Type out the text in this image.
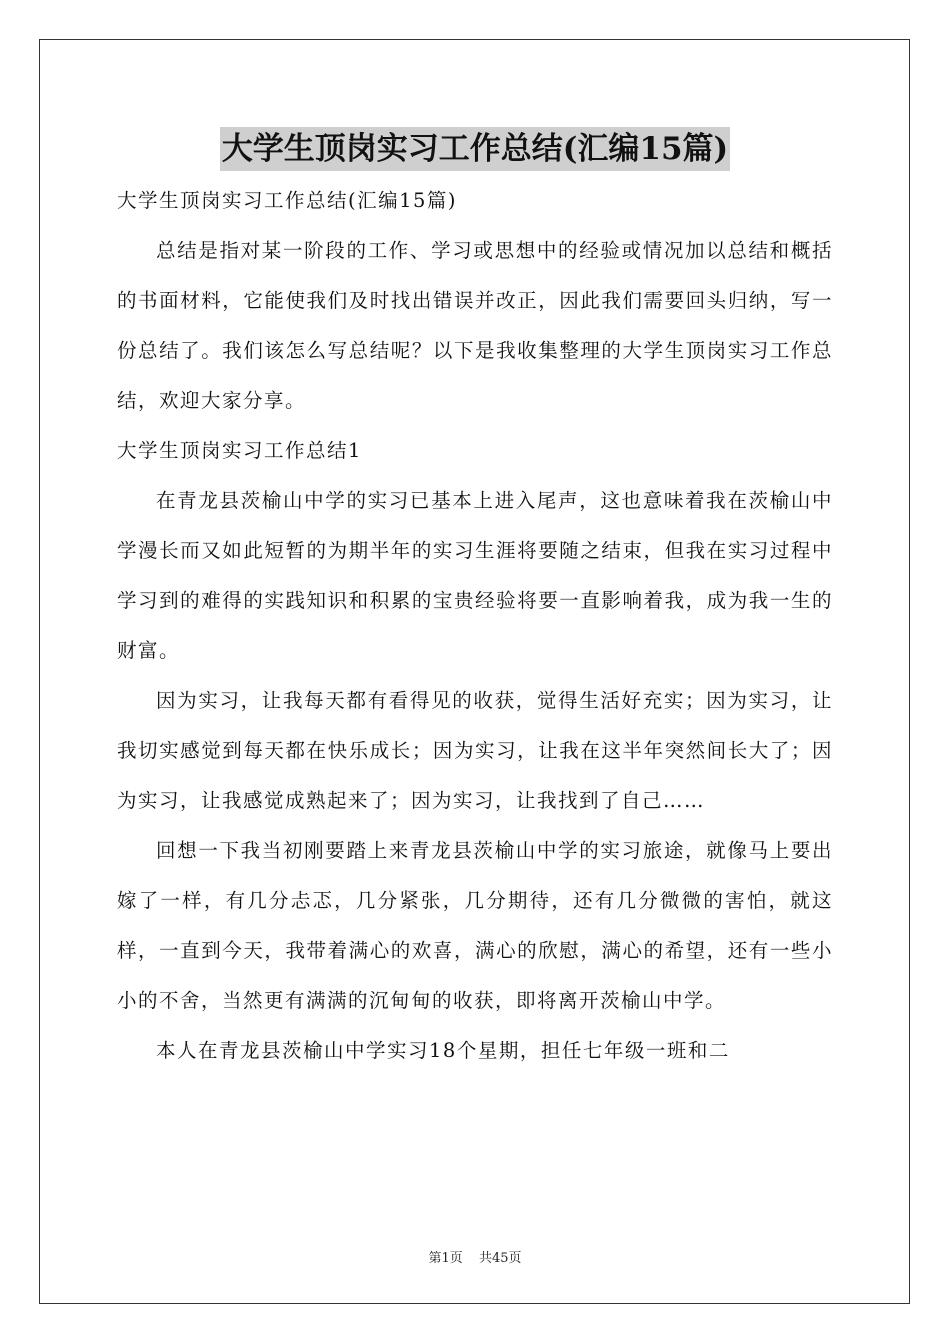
大学生顶岗实习工作总结(汇编15篇)

大学生顶岗实习工作总结(汇编15篇)

总结是指对某一阶段的工作、学习或思想中的经验或情况加以总结和概括的书面材料，它能使我们及时找出错误并改正，因此我们需要回头归纳，写一份总结了。我们该怎么写总结呢？以下是我收集整理的大学生顶岗实习工作总结，欢迎大家分享。

大学生顶岗实习工作总结1

在青龙县茨榆山中学的实习已基本上进入尾声，这也意味着我在茨榆山中学漫长而又如此短暂的为期半年的实习生涯将要随之结束，但我在实习过程中学习到的难得的实践知识和积累的宝贵经验将要一直影响着我，成为我一生的财富。

因为实习，让我每天都有看得见的收获，觉得生活好充实；因为实习，让我切实感觉到每天都在快乐成长；因为实习，让我在这半年突然间长大了；因为实习，让我感觉成熟起来了；因为实习，让我找到了自己……

回想一下我当初刚要踏上来青龙县茨榆山中学的实习旅途，就像马上要出嫁了一样，有几分忐忑，几分紧张，几分期待，还有几分微微的害怕，就这样，一直到今天，我带着满心的欢喜，满心的欣慰，满心的希望，还有一些小小的不舍，当然更有满满的沉甸甸的收获，即将离开茨榆山中学。

本人在青龙县茨榆山中学实习18个星期，担任七年级一班和二

第1页 共45页
